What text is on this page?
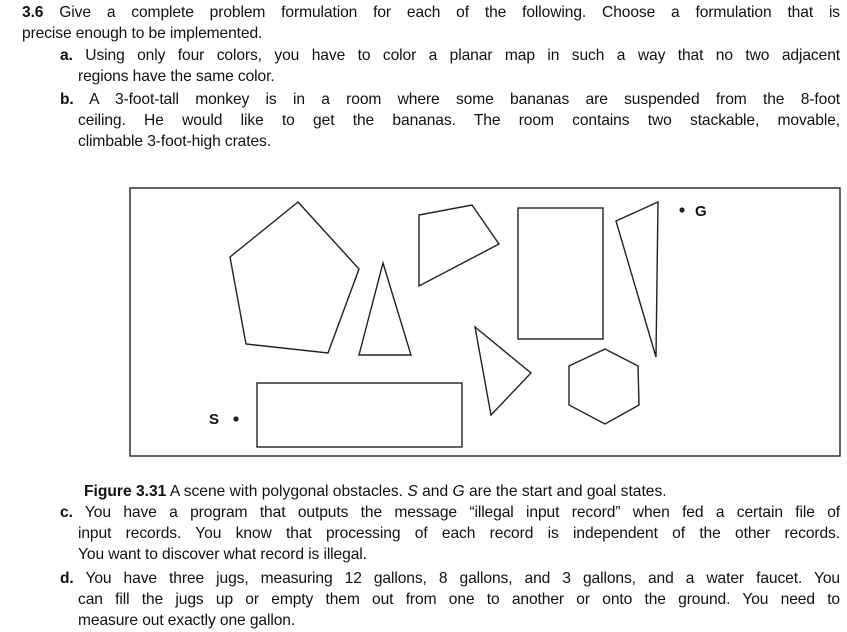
3.6 Give a complete problem formulation for each of the following. Choose a formulation that is
precise enough to be implemented.
a. Using only four colors, you have to color a planar map in such a way that no two adjacent
regions have the same color.
b. A 3-foot-tall monkey is in a room where some bananas are suspended from the 8-foot
ceiling. He would like to get the bananas. The room contains two stackable, movable,
climbable 3-foot-high crates.
G
S
Figure 3.31 A scene with polygonal obstacles. S and G are the start and goal states.
c. You have a program that outputs the message “illegal input record” when fed a certain file of
input records. You know that processing of each record is independent of the other records.
You want to discover what record is illegal.
d. You have three jugs, measuring 12 gallons, 8 gallons, and 3 gallons, and a water faucet. You
can fill the jugs up or empty them out from one to another or onto the ground. You need to
measure out exactly one gallon.
